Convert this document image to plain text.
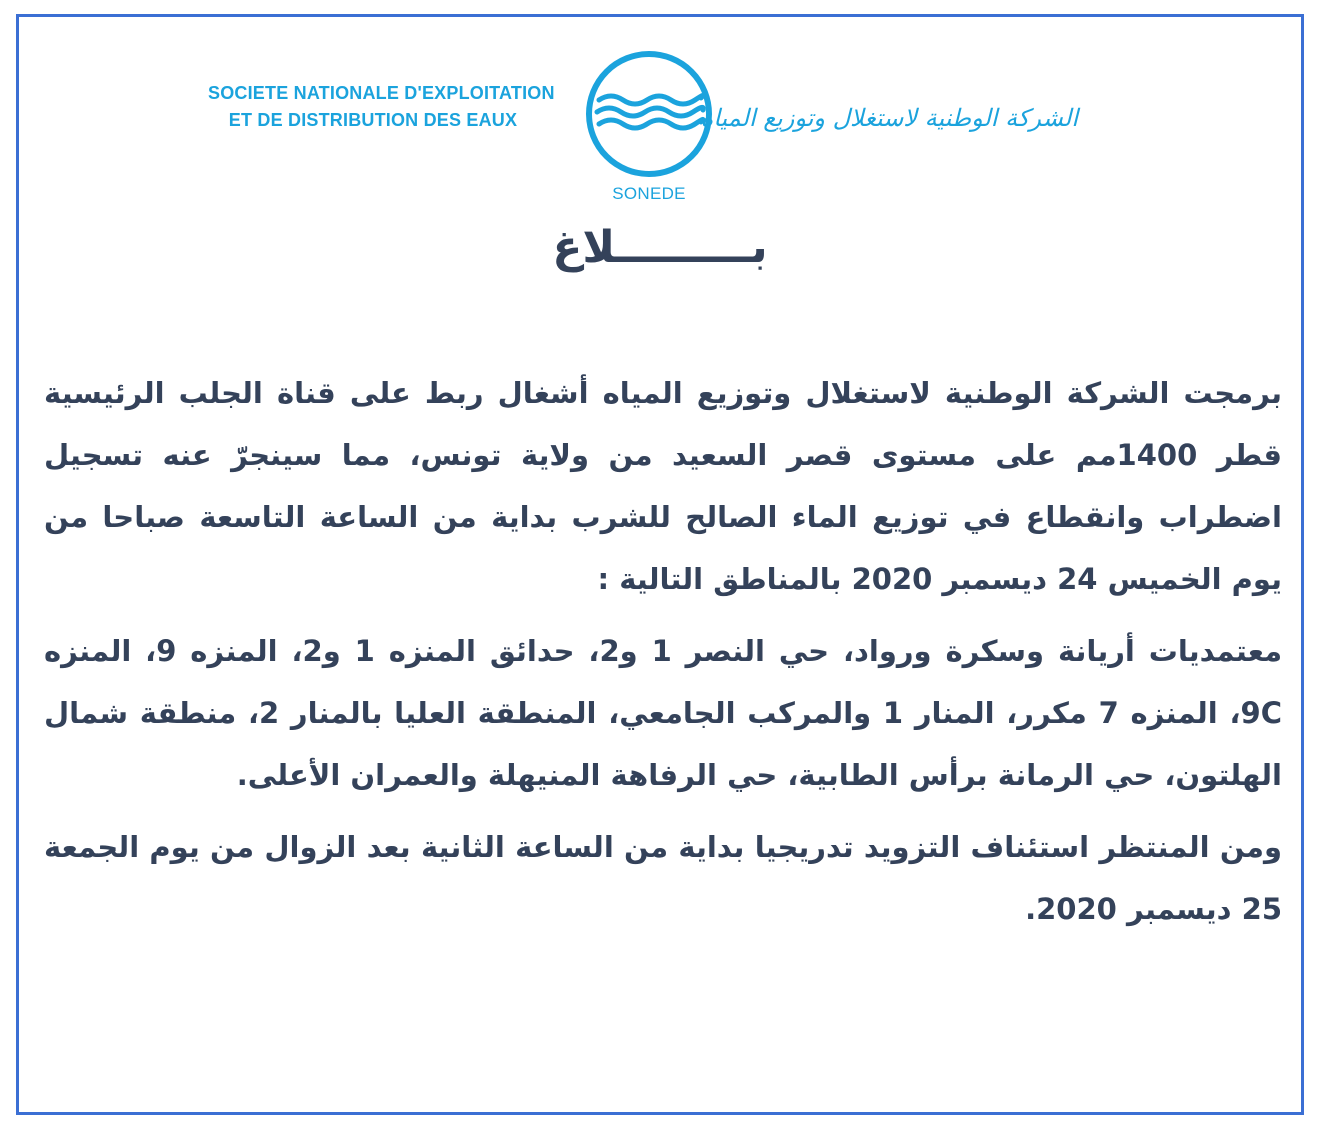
SOCIETE NATIONALE D'EXPLOITATION
ET DE DISTRIBUTION DES EAUX
SONEDE
الشركة الوطنية لاستغلال وتوزيع المياه
بـــــــــلاغ

برمجت الشركة الوطنية لاستغلال وتوزيع المياه أشغال ربط على قناة الجلب الرئيسية قطر 1400مم على مستوى قصر السعيد من ولاية تونس، مما سينجرّ عنه تسجيل اضطراب وانقطاع في توزيع الماء الصالح للشرب بداية من الساعة التاسعة صباحا من يوم الخميس 24 ديسمبر 2020 بالمناطق التالية :

معتمديات أريانة وسكرة ورواد، حي النصر 1 و2، حدائق المنزه 1 و2، المنزه 9، المنزه 9C، المنزه 7 مكرر، المنار 1 والمركب الجامعي، المنطقة العليا بالمنار 2، منطقة شمال الهلتون، حي الرمانة برأس الطابية، حي الرفاهة المنيهلة والعمران الأعلى.

ومن المنتظر استئناف التزويد تدريجيا بداية من الساعة الثانية بعد الزوال من يوم الجمعة 25 ديسمبر 2020.
